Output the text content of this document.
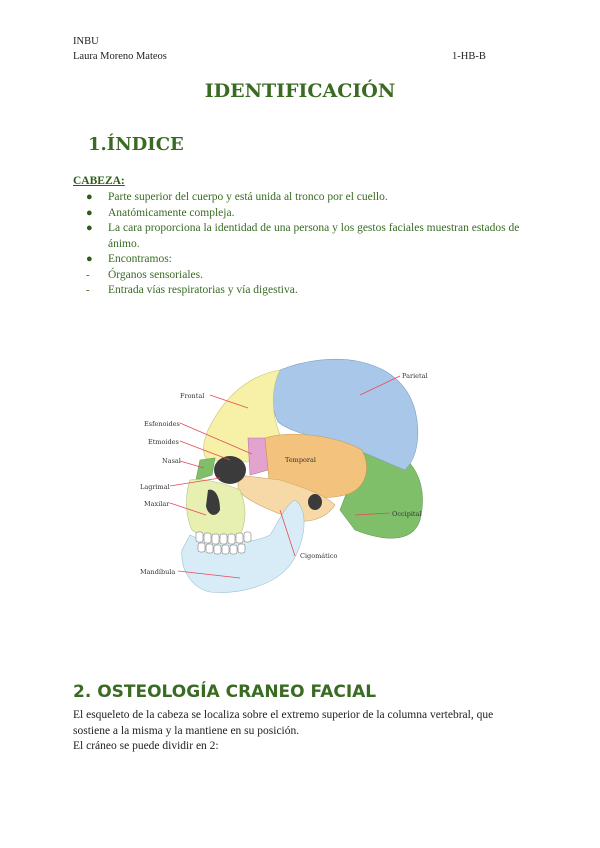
INBU
Laura Moreno Mateos	1-HB-B
IDENTIFICACIÓN
1.ÍNDICE
CABEZA:
● Parte superior del cuerpo y está unida al tronco por el cuello.
● Anatómicamente compleja.
● La cara proporciona la identidad de una persona y los gestos faciales muestran estados de ánimo.
● Encontramos:
- Órganos sensoriales.
- Entrada vías respiratorias y vía digestiva.
Parietal
Frontal
Esfenoides
Etmoides
Nasal	Temporal
Lagrimal
Maxilar
Occipital
Cigomático
Mandíbula
2. OSTEOLOGÍA CRANEO FACIAL

El esqueleto de la cabeza se localiza sobre el extremo superior de la columna vertebral, que sostiene a la misma y la mantiene en su posición.

El cráneo se puede dividir en 2:
